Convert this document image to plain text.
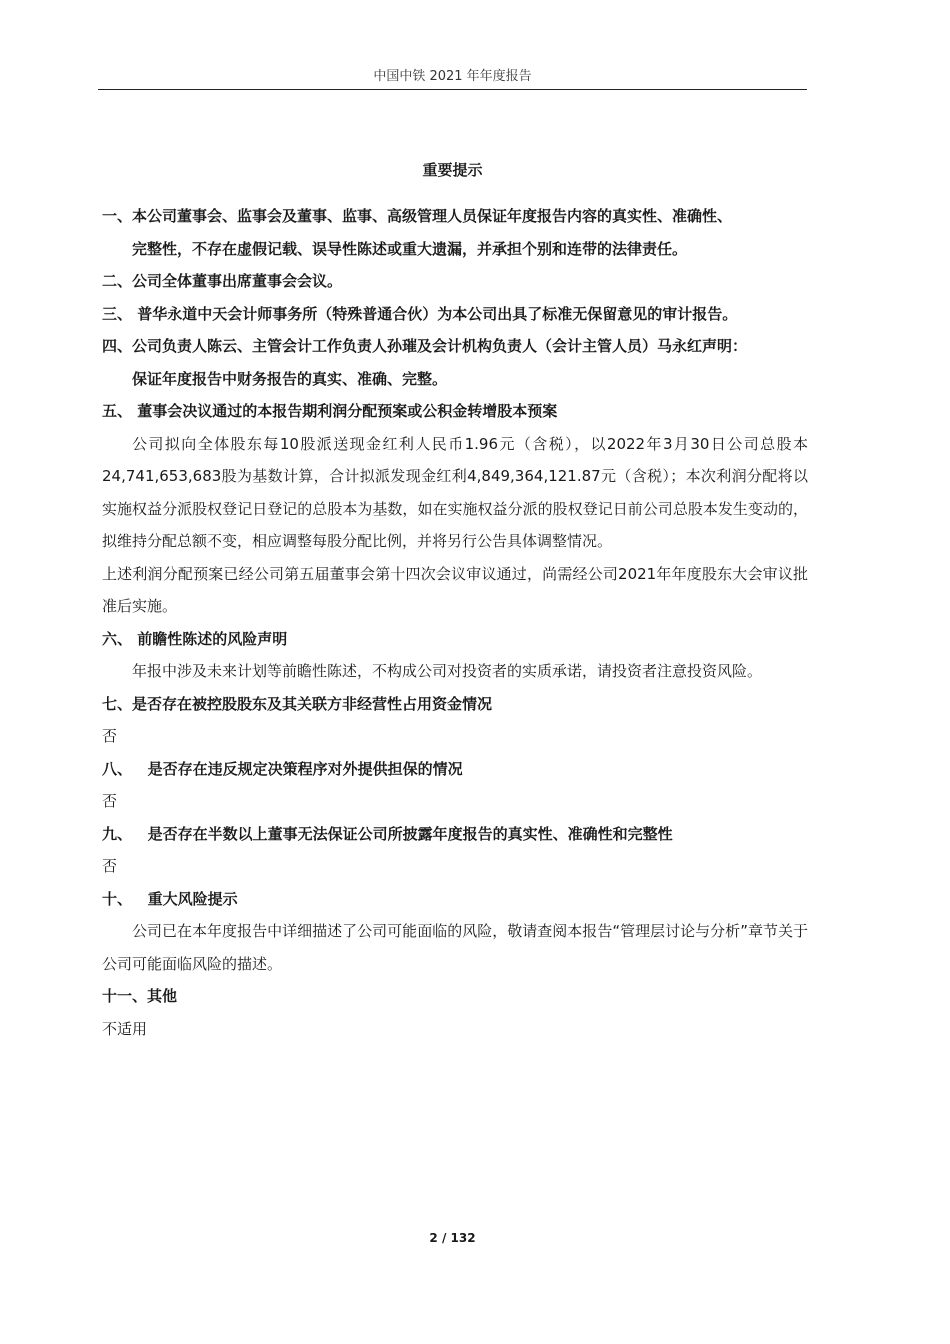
中国中铁 2021 年年度报告
重要提示
一、本公司董事会、监事会及董事、监事、高级管理人员保证年度报告内容的真实性、准确性、
完整性，不存在虚假记载、误导性陈述或重大遗漏，并承担个别和连带的法律责任。
二、公司全体董事出席董事会会议。
三、 普华永道中天会计师事务所（特殊普通合伙）为本公司出具了标准无保留意见的审计报告。
四、公司负责人陈云、主管会计工作负责人孙璀及会计机构负责人（会计主管人员）马永红声明：
保证年度报告中财务报告的真实、准确、完整。
五、 董事会决议通过的本报告期利润分配预案或公积金转增股本预案
公司拟向全体股东每10股派送现金红利人民币1.96元（含税），以2022年3月30日公司总股本24,741,653,683股为基数计算，合计拟派发现金红利4,849,364,121.87元（含税）；本次利润分配将以实施权益分派股权登记日登记的总股本为基数，如在实施权益分派的股权登记日前公司总股本发生变动的，拟维持分配总额不变，相应调整每股分配比例，并将另行公告具体调整情况。
上述利润分配预案已经公司第五届董事会第十四次会议审议通过，尚需经公司2021年年度股东大会审议批准后实施。
六、 前瞻性陈述的风险声明
年报中涉及未来计划等前瞻性陈述，不构成公司对投资者的实质承诺，请投资者注意投资风险。
七、是否存在被控股股东及其关联方非经营性占用资金情况
否
八、   是否存在违反规定决策程序对外提供担保的情况
否
九、   是否存在半数以上董事无法保证公司所披露年度报告的真实性、准确性和完整性
否
十、   重大风险提示
公司已在本年度报告中详细描述了公司可能面临的风险，敬请查阅本报告“管理层讨论与分析”章节关于公司可能面临风险的描述。
十一、其他
不适用
2 / 132
